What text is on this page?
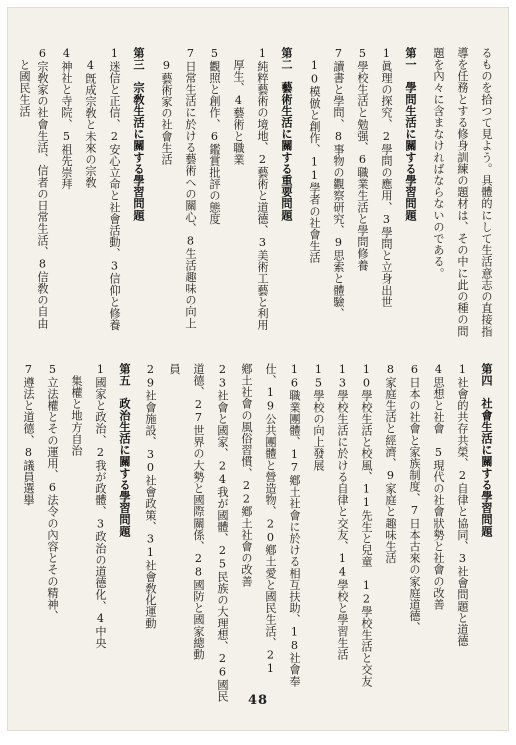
るものを拾つて見よう。具體的にして生活意志の直接指
導を任務とする修身訓練の題材は、その中に此の種の問
題を內々に含まなければならないのである。
第一　學問生活に關する學習問題
1眞理の探究、2學問の應用、3學問と立身出世
5學校生活と勉强、6職業生活と學問修養
7讀書と學問、8事物の觀察研究、9思索と體驗、
10模倣と創作、11學者の社會生活
第二　藝術生活に關する重要問題
1純粹藝術の境地、2藝術と道德、3美術工藝と利用
厚生、4藝術と職業
5觀照と創作、6鑑賞批評の態度
7日常生活に於ける藝術への關心、8生活趣味の向上
9藝術家の社會生活
第三　宗敎生活に關する學習問題
1迷信と正信、2安心立命と社會活動、3信仰と修養
4旣成宗敎と未來の宗敎
4神社と寺院、5祖先崇拜
6宗敎家の社會生活、信者の日常生活、8信敎の自由
と國民生活
第四　社會生活に關する學習問題
1社會的共存共榮、2自律と協同、3社會問題と道德
4思想と社會　5現代の社會狀勢と社會の改善
6日本の社會と家族制度、7日本古來の家庭道德、
8家庭生活と經濟、9家庭と趣味生活
10學校生活と校風、11先生と兒童　12學校生活と交友
13學校生活に於ける自律と交友、14學校と學習生活
15學校の向上發展
16職業團體、17鄕土社會に於ける相互扶助、18社會奉
仕、19公共團體と營造物、20鄕土愛と國民生活、21
鄕土社會の風俗習慣、22鄕土社會の改善
23社會と國家、24我が國體、25民族の大理想、26國民
道德、27世界の大勢と國際關係、28國防と國家總動
員
29社會施設、30社會政策、31社會敎化運動
第五　政治生活に關する學習問題
1國家と政治、2我が政體、3政治の道德化、4中央
集權と地方自治
5立法權とその運用、6法令の內容とその精神、
7遵法と道德、8議員選擧
48
